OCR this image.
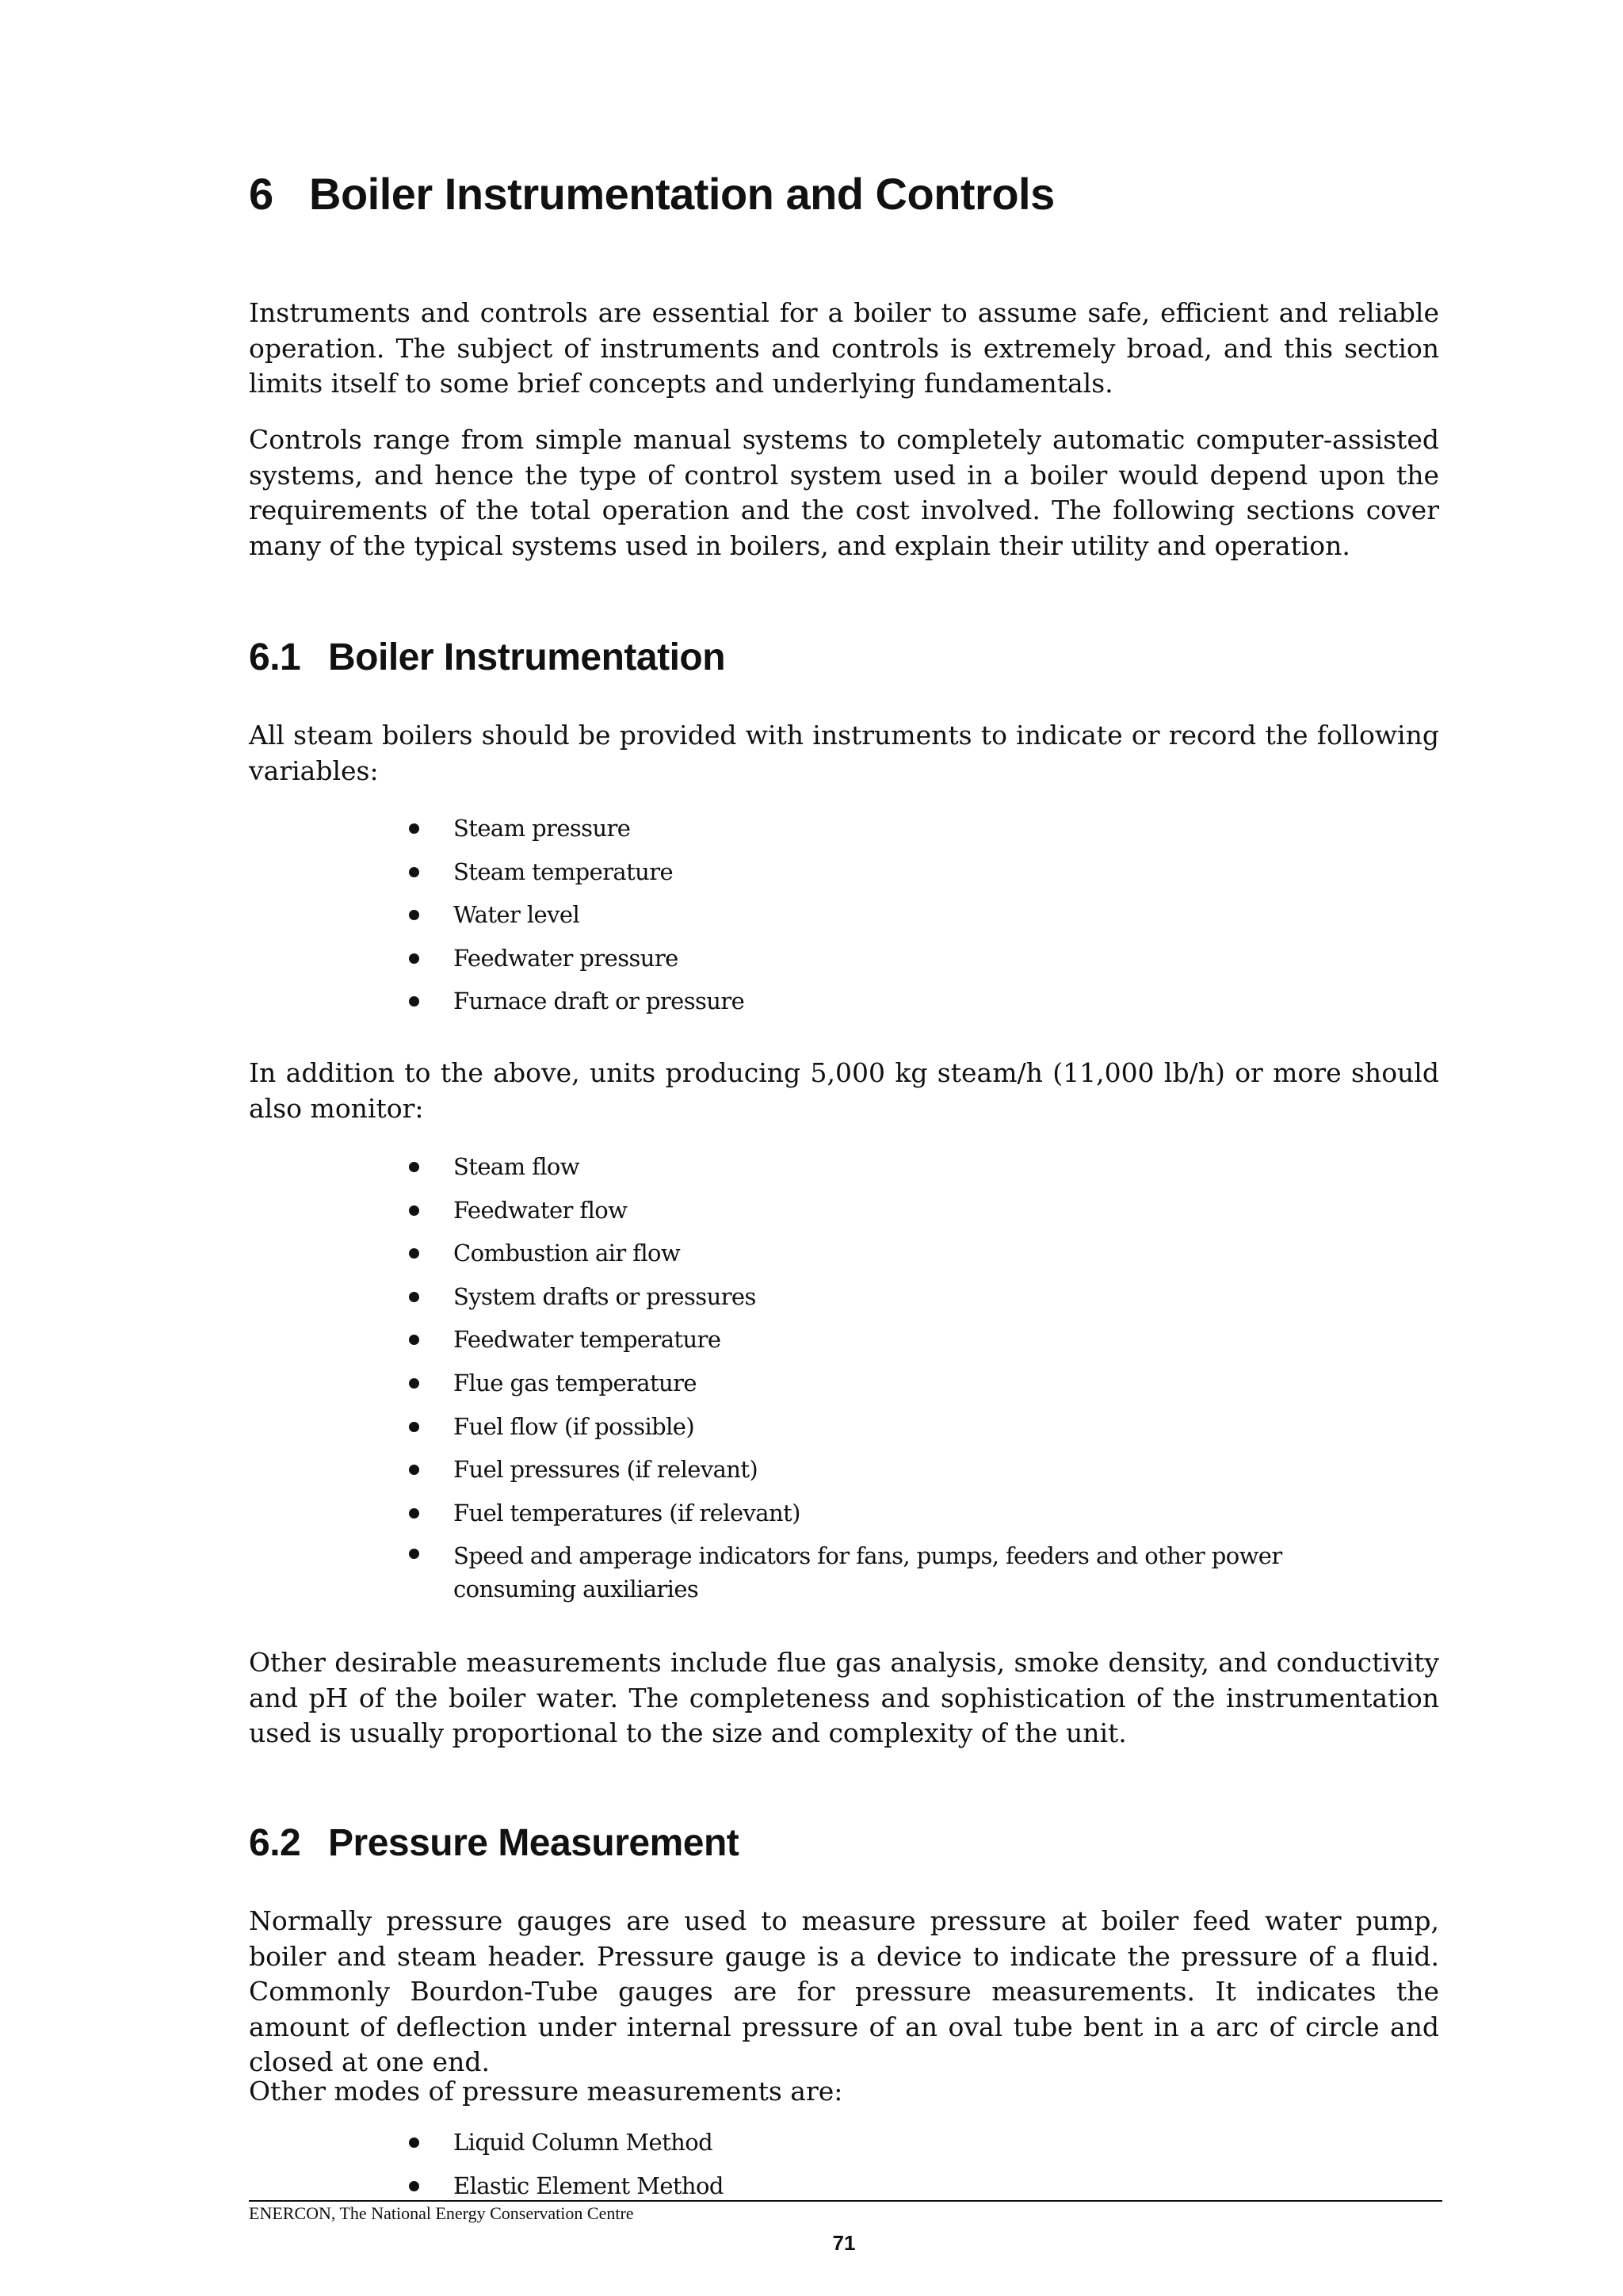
6 Boiler Instrumentation and Controls

Instruments and controls are essential for a boiler to assume safe, efficient and reliable operation. The subject of instruments and controls is extremely broad, and this section limits itself to some brief concepts and underlying fundamentals.

Controls range from simple manual systems to completely automatic computer-assisted systems, and hence the type of control system used in a boiler would depend upon the requirements of the total operation and the cost involved. The following sections cover many of the typical systems used in boilers, and explain their utility and operation.

6.1 Boiler Instrumentation

All steam boilers should be provided with instruments to indicate or record the following variables:

Steam pressure
Steam temperature
Water level
Feedwater pressure
Furnace draft or pressure

In addition to the above, units producing 5,000 kg steam/h (11,000 lb/h) or more should also monitor:

Steam flow
Feedwater flow
Combustion air flow
System drafts or pressures
Feedwater temperature
Flue gas temperature
Fuel flow (if possible)
Fuel pressures (if relevant)
Fuel temperatures (if relevant)
Speed and amperage indicators for fans, pumps, feeders and other power consuming auxiliaries

Other desirable measurements include flue gas analysis, smoke density, and conductivity and pH of the boiler water. The completeness and sophistication of the instrumentation used is usually proportional to the size and complexity of the unit.

6.2 Pressure Measurement

Normally pressure gauges are used to measure pressure at boiler feed water pump, boiler and steam header. Pressure gauge is a device to indicate the pressure of a fluid. Commonly Bourdon-Tube gauges are for pressure measurements. It indicates the amount of deflection under internal pressure of an oval tube bent in a arc of circle and closed at one end.

Other modes of pressure measurements are:

Liquid Column Method
Elastic Element Method
ENERCON, The National Energy Conservation Centre
71
